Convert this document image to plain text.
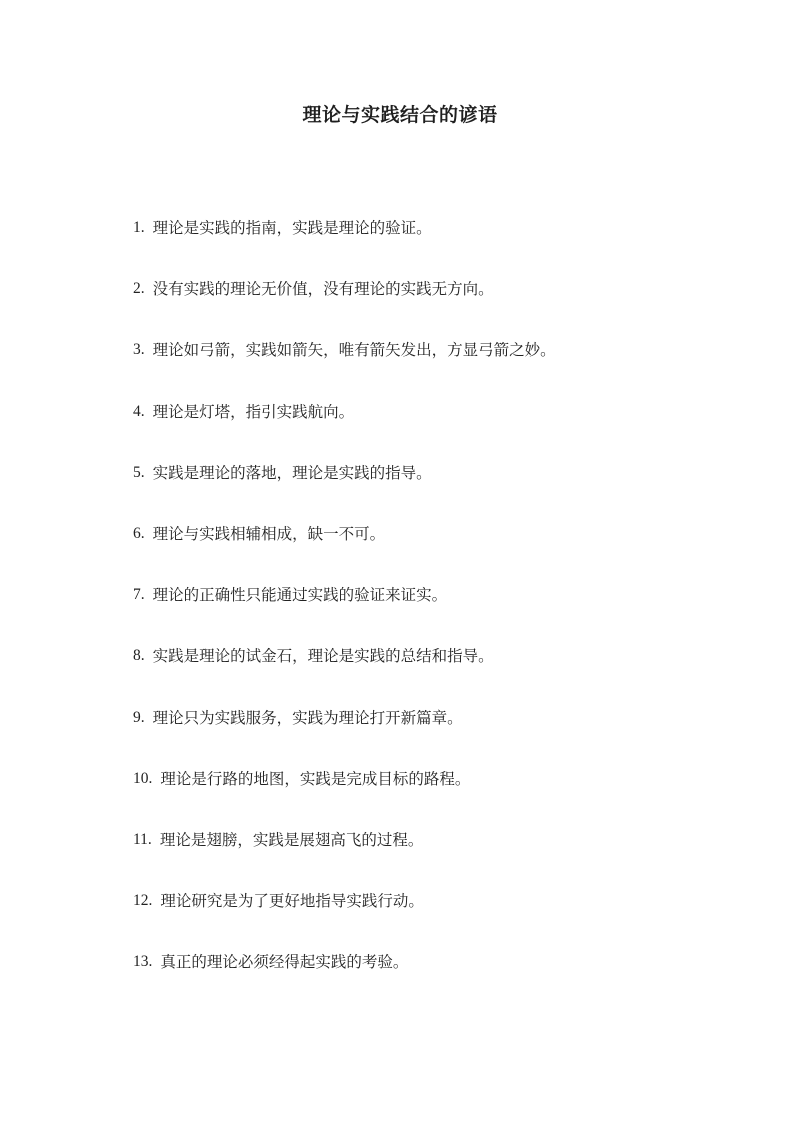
理论与实践结合的谚语
1. 理论是实践的指南，实践是理论的验证。
2. 没有实践的理论无价值，没有理论的实践无方向。
3. 理论如弓箭，实践如箭矢，唯有箭矢发出，方显弓箭之妙。
4. 理论是灯塔，指引实践航向。
5. 实践是理论的落地，理论是实践的指导。
6. 理论与实践相辅相成，缺一不可。
7. 理论的正确性只能通过实践的验证来证实。
8. 实践是理论的试金石，理论是实践的总结和指导。
9. 理论只为实践服务，实践为理论打开新篇章。
10. 理论是行路的地图，实践是完成目标的路程。
11. 理论是翅膀，实践是展翅高飞的过程。
12. 理论研究是为了更好地指导实践行动。
13. 真正的理论必须经得起实践的考验。
